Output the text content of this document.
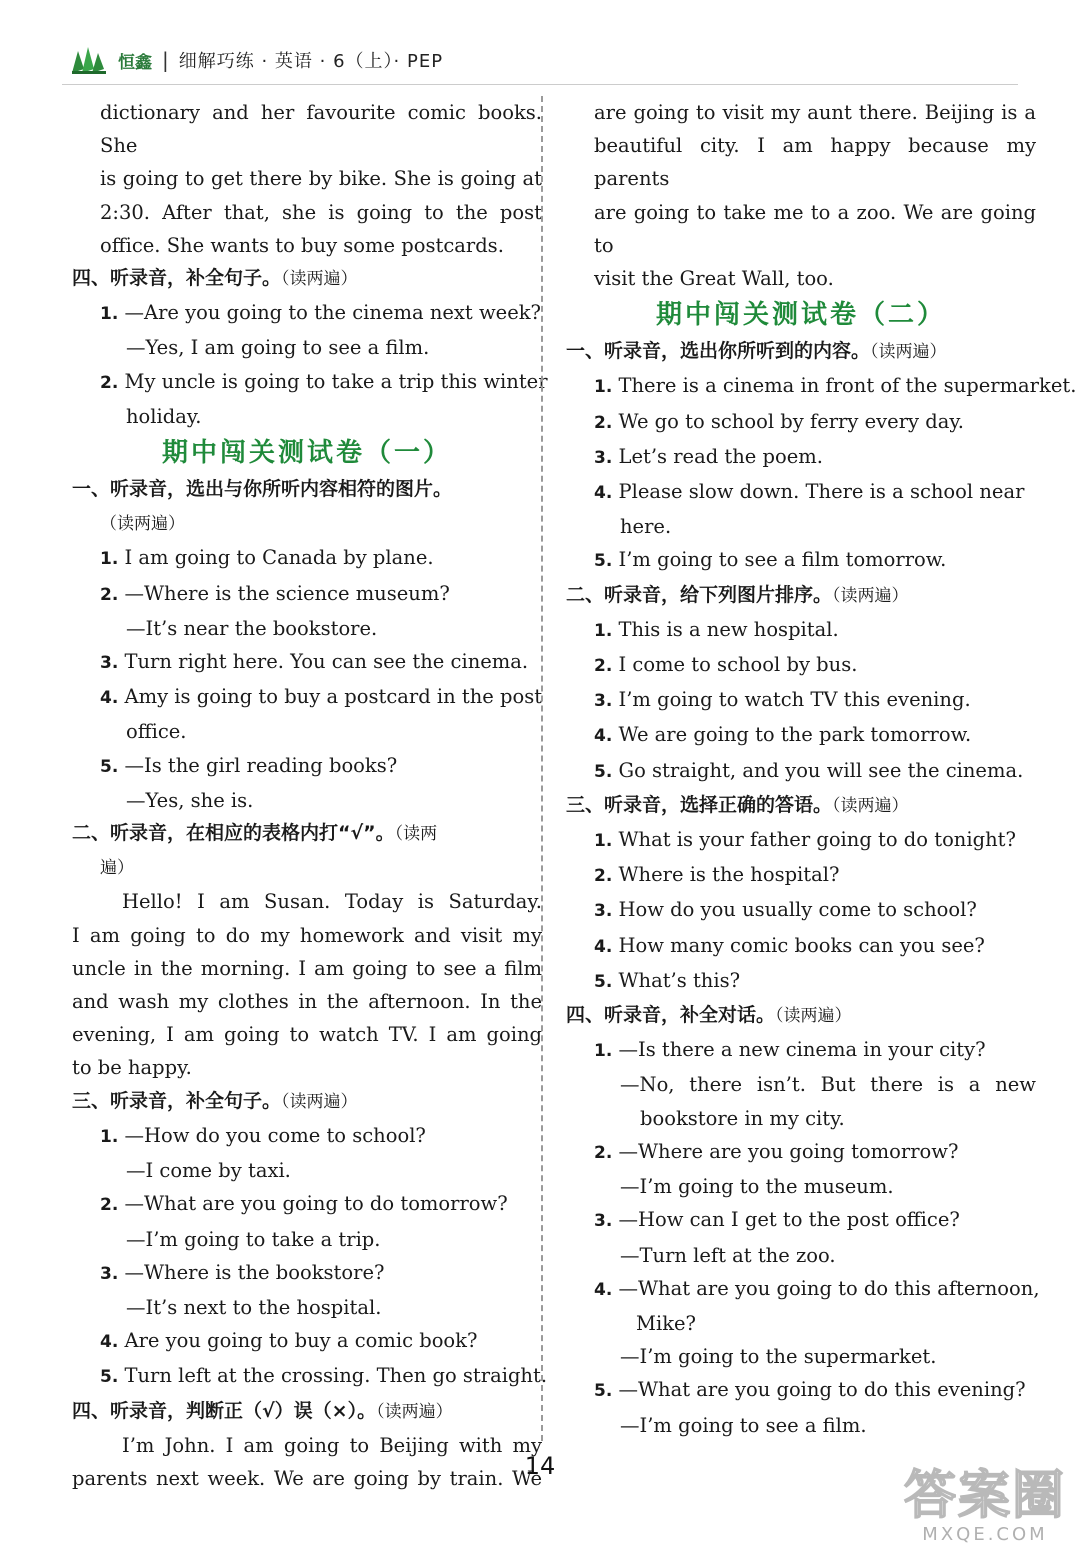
恒鑫 | 细解巧练 · 英语 · 6（上）· PEP
dictionary and her favourite comic books. She
is going to get there by bike. She is going at
2:30. After that, she is going to the post
office. She wants to buy some postcards.
四、听录音，补全句子。（读两遍）
1. —Are you going to the cinema next week?
—Yes, I am going to see a film.
2. My uncle is going to take a trip this winter
holiday.
期中闯关测试卷（一）
一、听录音，选出与你所听内容相符的图片。
（读两遍）
1. I am going to Canada by plane.
2. —Where is the science museum?
—It’s near the bookstore.
3. Turn right here. You can see the cinema.
4. Amy is going to buy a postcard in the post
office.
5. —Is the girl reading books?
—Yes, she is.
二、听录音，在相应的表格内打“√”。（读两
遍）
Hello! I am Susan. Today is Saturday.
I am going to do my homework and visit my
uncle in the morning. I am going to see a film
and wash my clothes in the afternoon. In the
evening, I am going to watch TV. I am going
to be happy.
三、听录音，补全句子。（读两遍）
1. —How do you come to school?
—I come by taxi.
2. —What are you going to do tomorrow?
—I’m going to take a trip.
3. —Where is the bookstore?
—It’s next to the hospital.
4. Are you going to buy a comic book?
5. Turn left at the crossing. Then go straight.
四、听录音，判断正（√）误（×）。（读两遍）
I’m John. I am going to Beijing with my
parents next week. We are going by train. We
are going to visit my aunt there. Beijing is a
beautiful city. I am happy because my parents
are going to take me to a zoo. We are going to
visit the Great Wall, too.
期中闯关测试卷（二）
一、听录音，选出你所听到的内容。（读两遍）
1. There is a cinema in front of the supermarket.
2. We go to school by ferry every day.
3. Let’s read the poem.
4. Please slow down. There is a school near
here.
5. I’m going to see a film tomorrow.
二、听录音，给下列图片排序。（读两遍）
1. This is a new hospital.
2. I come to school by bus.
3. I’m going to watch TV this evening.
4. We are going to the park tomorrow.
5. Go straight, and you will see the cinema.
三、听录音，选择正确的答语。（读两遍）
1. What is your father going to do tonight?
2. Where is the hospital?
3. How do you usually come to school?
4. How many comic books can you see?
5. What’s this?
四、听录音，补全对话。（读两遍）
1. —Is there a new cinema in your city?
—No, there isn’t. But there is a new
bookstore in my city.
2. —Where are you going tomorrow?
—I’m going to the museum.
3. —How can I get to the post office?
—Turn left at the zoo.
4. —What are you going to do this afternoon,
Mike?
—I’m going to the supermarket.
5. —What are you going to do this evening?
—I’m going to see a film.
14	答案圈
MXQE.COM
